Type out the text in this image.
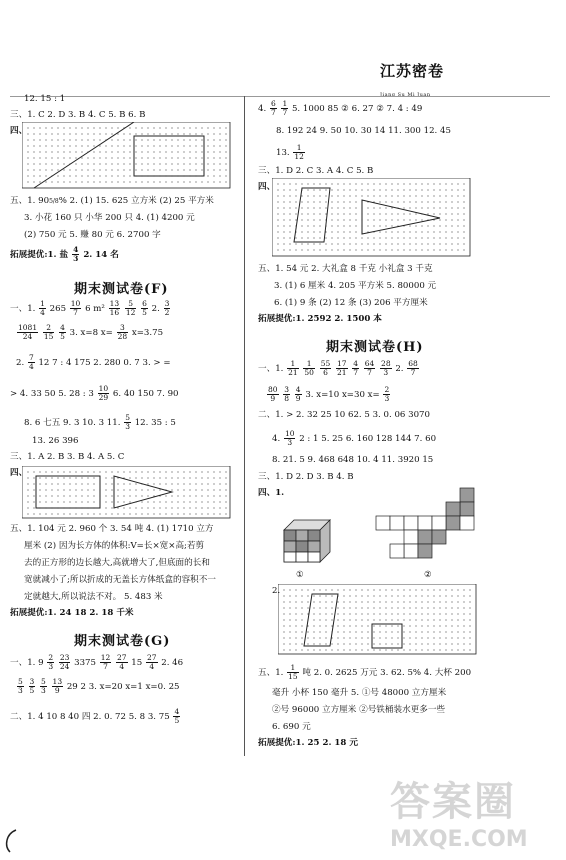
江苏密卷
Jiang Su Mi Juan
12. 15 : 1
三、1. C 2. D 3. B 4. C 5. B 6. B
四、
五、1. 905/8% 2. (1) 15. 625 立方米 (2) 25 平方米
3. 小花 160 只 小华 200 只 4. (1) 4200 元
(2) 750 元 5. 赚 80 元 6. 2700 字
拓展提优:1. 盐 $\frac{4}{3} 2$. 14 名
期末测试卷(F)
一、1. $\frac{1}{4} 265 \frac{10}{7} 6$ $m^2 \frac{13}{16}$
$\frac{5}{12}$
$\frac{6}{5} 2$. $\frac{3}{2}$
$\frac{1081}{24}$
$\frac{2}{15}$
$\frac{4}{5} 3$. x=8 $x= \frac{3}{28} x=3.75$
2. $\frac{7}{4} 12$ 7 : 4 175 2. 280 0. 7 3. > =
> 4. 33 50 5. 28 : $3 \frac{10}{29} 6$. 40 150 7. 90
8. 6 七五 9. 3 10. 3 11. $\frac{5}{3} 12$. 35 : 5
13. 26 396
三、1. A 2. B 3. B 4. A 5. C
四、
五、1. 104 元 2. 960 个 3. 54 吨 4. (1) 1710 立方
厘米 (2) 因为长方体的体积:V=长×宽×高;若剪
去的正方形的边长越大,高就增大了,但底面的长和
宽就减小了;所以折成的无盖长方体纸盒的容积不一
定就越大,所以说法不对。 5. 483 米
拓展提优:1. 24 18 2. 18 千米
期末测试卷(G)
一、1. $9 \frac{2}{3}$
$\frac{23}{24} 3375 \frac{12}{7}$
$\frac{27}{4} 15 \frac{27}{4} 2$. 46
$\frac{5}{3}$
$\frac{3}{5}$
$\frac{5}{3}$
$\frac{13}{9} 29$ 2 3. x=20 x=1 x=0. 25
二、1. 4 10 8 40 四 2. 0. 72 5. 8 3. $75 \frac{4}{5}$
4. $\frac{6}{7}$
$\frac{1}{7} 5$. 1000 85 ② 6. 27 ② 7. 4 : 49
8. 192 24 9. 50 10. 30 14 11. 300 12. 45
13. $\frac{1}{12}$
三、1. D 2. C 3. A 4. C 5. B
四、
五、1. 54 元 2. 大礼盒 8 千克 小礼盒 3 千克
3. (1) 6 厘米 4. 205 平方米 5. 80000 元
6. (1) 9 条 (2) 12 条 (3) 206 平方厘米
拓展提优:1. 2592 2. 1500 本
期末测试卷(H)
一、1. $\frac{1}{21}$
$\frac{1}{50}$
$\frac{55}{6}$
$\frac{17}{21}$
$\frac{4}{7}$
$\frac{64}{7}$
$\frac{28}{3} 2$. $\frac{68}{7}$
$\frac{80}{9}$
$\frac{3}{8}$
$\frac{4}{9} 3$. x=10 x=30 $x= \frac{2}{3}$
二、1. > 2. 32 25 10 62. 5 3. 0. 06 3070
4. $\frac{10}{3} 2$ : 1 5. 25 6. 160 128 144 7. 60
8. 21. 5 9. 468 648 10. 4 11. 3920 15
三、1. D 2. D 3. B 4. B
四、1.
①	②
2.
五、1. $\frac{1}{15}$ 吨 2. 0. 2625 万元 3. 62. 5% 4. 大杯 200
毫升 小杯 150 毫升 5. ①号 48000 立方厘米
②号 96000 立方厘米 ②号铁桶装水更多一些
6. 690 元
拓展提优:1. 25 2. 18 元
答案圈
MXQE.COM
